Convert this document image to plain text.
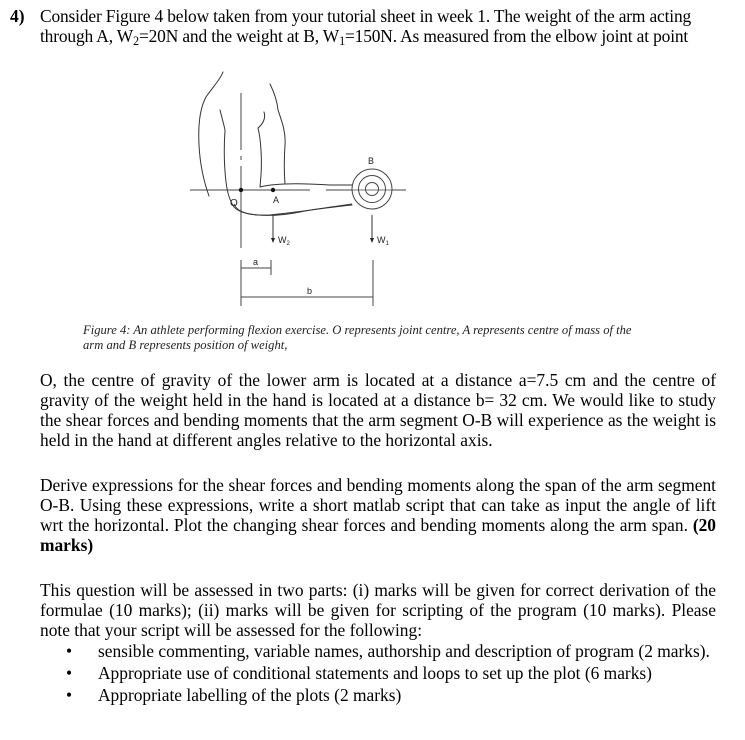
4) Consider Figure 4 below taken from your tutorial sheet in week 1. The weight of the arm acting
through A, $W_2=20N$ and the weight at B, $W_1=150N$. As measured from the elbow joint at point

O	A
B
$W_2$	$W_1$
a
b
Figure 4: An athlete performing flexion exercise. O represents joint centre, A represents centre of mass of the arm and B represents position of weight,

O, the centre of gravity of the lower arm is located at a distance a=7.5 cm and the centre of gravity of the weight held in the hand is located at a distance b= 32 cm. We would like to study the shear forces and bending moments that the arm segment O-B will experience as the weight is held in the hand at different angles relative to the horizontal axis.

Derive expressions for the shear forces and bending moments along the span of the arm segment O-B. Using these expressions, write a short matlab script that can take as input the angle of lift wrt the horizontal. Plot the changing shear forces and bending moments along the arm span. (20 marks)

This question will be assessed in two parts: (i) marks will be given for correct derivation of the formulae (10 marks); (ii) marks will be given for scripting of the program (10 marks). Please note that your script will be assessed for the following:

• sensible commenting, variable names, authorship and description of program (2 marks).
• Appropriate use of conditional statements and loops to set up the plot (6 marks)
• Appropriate labelling of the plots (2 marks)
